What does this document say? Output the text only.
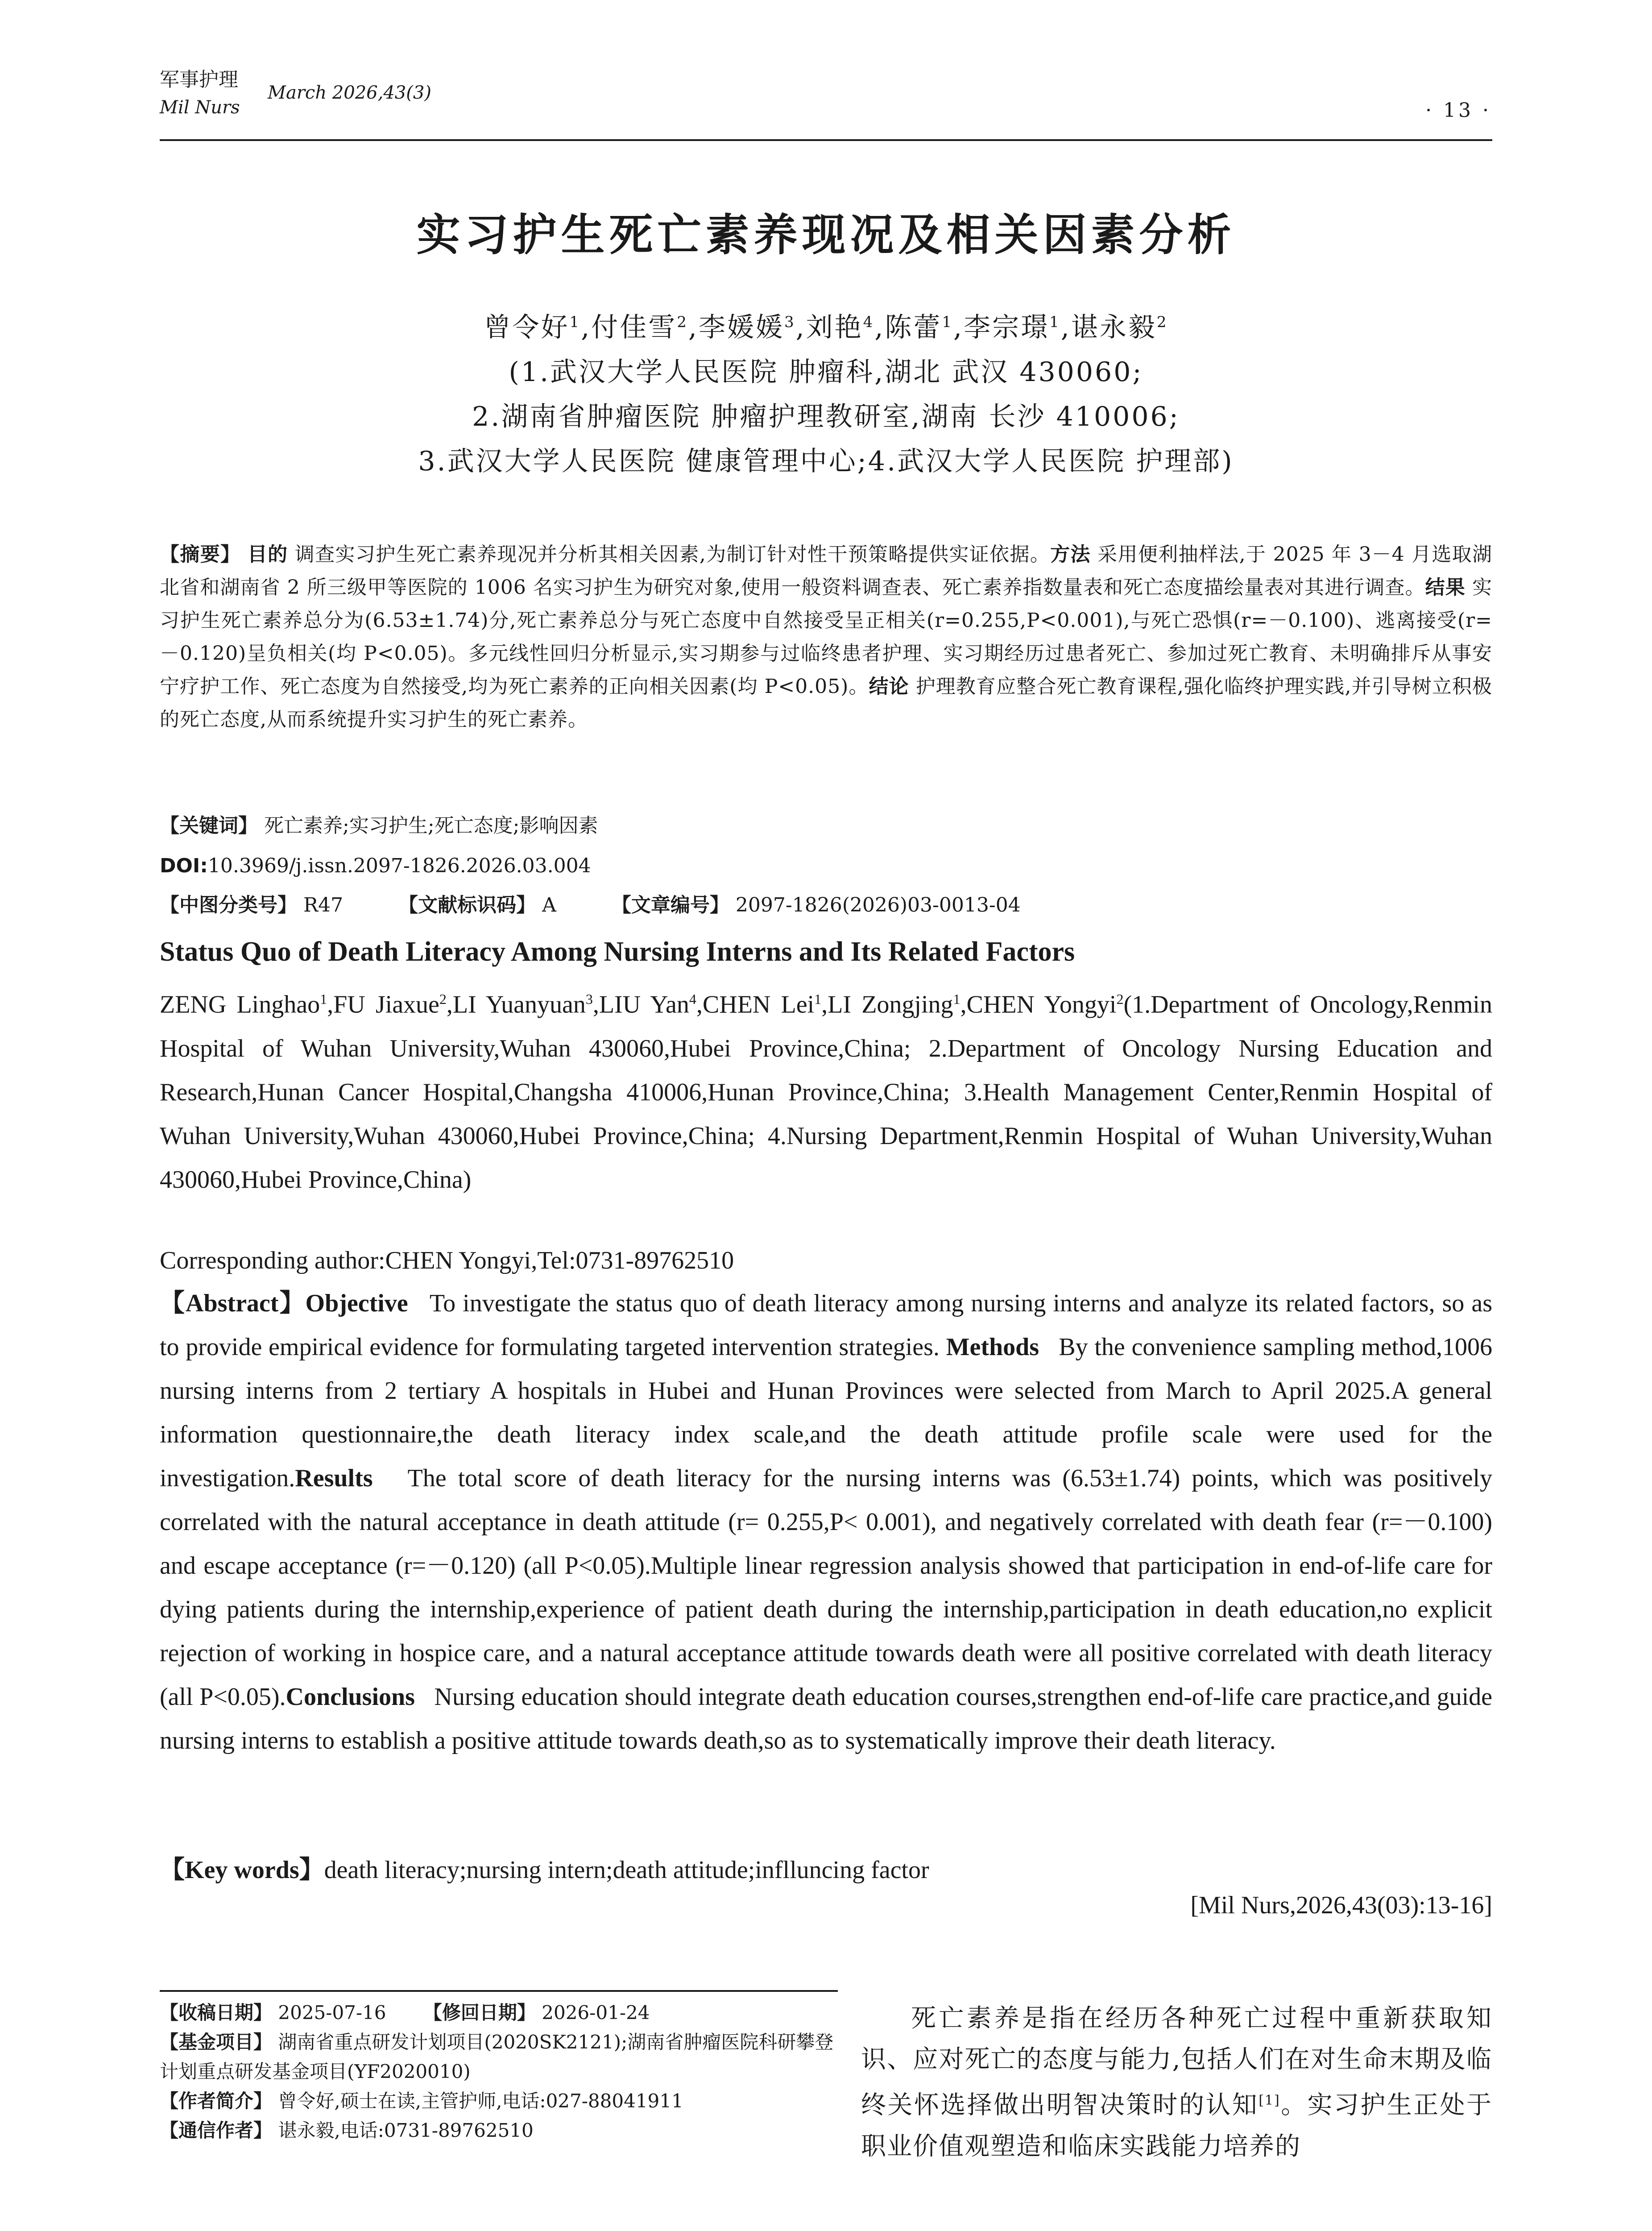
军事护理
Mil Nurs
March 2026,43(3)
· 13 ·
实习护生死亡素养现况及相关因素分析
曾令好$^1$,付佳雪$^2$,李媛媛$^3$,刘艳$^4$,陈蕾$^1$,李宗璟$^1$,谌永毅$^2$
(1.武汉大学人民医院 肿瘤科,湖北 武汉 430060;
2.湖南省肿瘤医院 肿瘤护理教研室,湖南 长沙 410006;
3.武汉大学人民医院 健康管理中心;4.武汉大学人民医院 护理部)
【摘要】 目的 调查实习护生死亡素养现况并分析其相关因素,为制订针对性干预策略提供实证依据。方法 采用便利抽样法,于 2025 年 3－4 月选取湖北省和湖南省 2 所三级甲等医院的 1006 名实习护生为研究对象,使用一般资料调查表、死亡素养指数量表和死亡态度描绘量表对其进行调查。结果 实习护生死亡素养总分为(6.53±1.74)分,死亡素养总分与死亡态度中自然接受呈正相关(r=0.255,P<0.001),与死亡恐惧(r=－0.100)、逃离接受(r=－0.120)呈负相关(均 P<0.05)。多元线性回归分析显示,实习期参与过临终患者护理、实习期经历过患者死亡、参加过死亡教育、未明确排斥从事安宁疗护工作、死亡态度为自然接受,均为死亡素养的正向相关因素(均 P<0.05)。结论 护理教育应整合死亡教育课程,强化临终护理实践,并引导树立积极的死亡态度,从而系统提升实习护生的死亡素养。
【关键词】 死亡素养;实习护生;死亡态度;影响因素
DOI:10.3969/j.issn.2097-1826.2026.03.004
【中图分类号】 R47	【文献标识码】 A	【文章编号】 2097-1826(2026)03-0013-04
Status Quo of Death Literacy Among Nursing Interns and Its Related Factors
ZENG Linghao$^1$,FU Jiaxue$^2$,LI Yuanyuan$^3$,LIU Yan$^4$,CHEN Lei$^1$,LI Zongjing$^1$,CHEN Yongyi$^2$(1.Department of Oncology,Renmin Hospital of Wuhan University,Wuhan 430060,Hubei Province,China; 2.Department of Oncology Nursing Education and Research,Hunan Cancer Hospital,Changsha 410006,Hunan Province,China; 3.Health Management Center,Renmin Hospital of Wuhan University,Wuhan 430060,Hubei Province,China; 4.Nursing Department,Renmin Hospital of Wuhan University,Wuhan 430060,Hubei Province,China)
Corresponding author:CHEN Yongyi,Tel:0731-89762510
【Abstract】Objective To investigate the status quo of death literacy among nursing interns and analyze its related factors, so as to provide empirical evidence for formulating targeted intervention strategies. Methods By the convenience sampling method,1006 nursing interns from 2 tertiary A hospitals in Hubei and Hunan Provinces were selected from March to April 2025.A general information questionnaire,the death literacy index scale,and the death attitude profile scale were used for the investigation.Results The total score of death literacy for the nursing interns was (6.53±1.74) points, which was positively correlated with the natural acceptance in death attitude (r= 0.255,P< 0.001), and negatively correlated with death fear (r=－0.100) and escape acceptance (r=－0.120) (all P<0.05).Multiple linear regression analysis showed that participation in end-of-life care for dying patients during the internship,experience of patient death during the internship,participation in death education,no explicit rejection of working in hospice care, and a natural acceptance attitude towards death were all positive correlated with death literacy (all P<0.05).Conclusions Nursing education should integrate death education courses,strengthen end-of-life care practice,and guide nursing interns to establish a positive attitude towards death,so as to systematically improve their death literacy.
【Key words】death literacy;nursing intern;death attitude;inflluncing factor
[Mil Nurs,2026,43(03):13-16]
【收稿日期】 2025-07-16 【修回日期】 2026-01-24
【基金项目】 湖南省重点研发计划项目(2020SK2121);湖南省肿瘤医院科研攀登计划重点研发基金项目(YF2020010)
【作者简介】 曾令好,硕士在读,主管护师,电话:027-88041911
【通信作者】 谌永毅,电话:0731-89762510
死亡素养是指在经历各种死亡过程中重新获取知识、应对死亡的态度与能力,包括人们在对生命末期及临终关怀选择做出明智决策时的认知[1]。实习护生正处于职业价值观塑造和临床实践能力培养的
